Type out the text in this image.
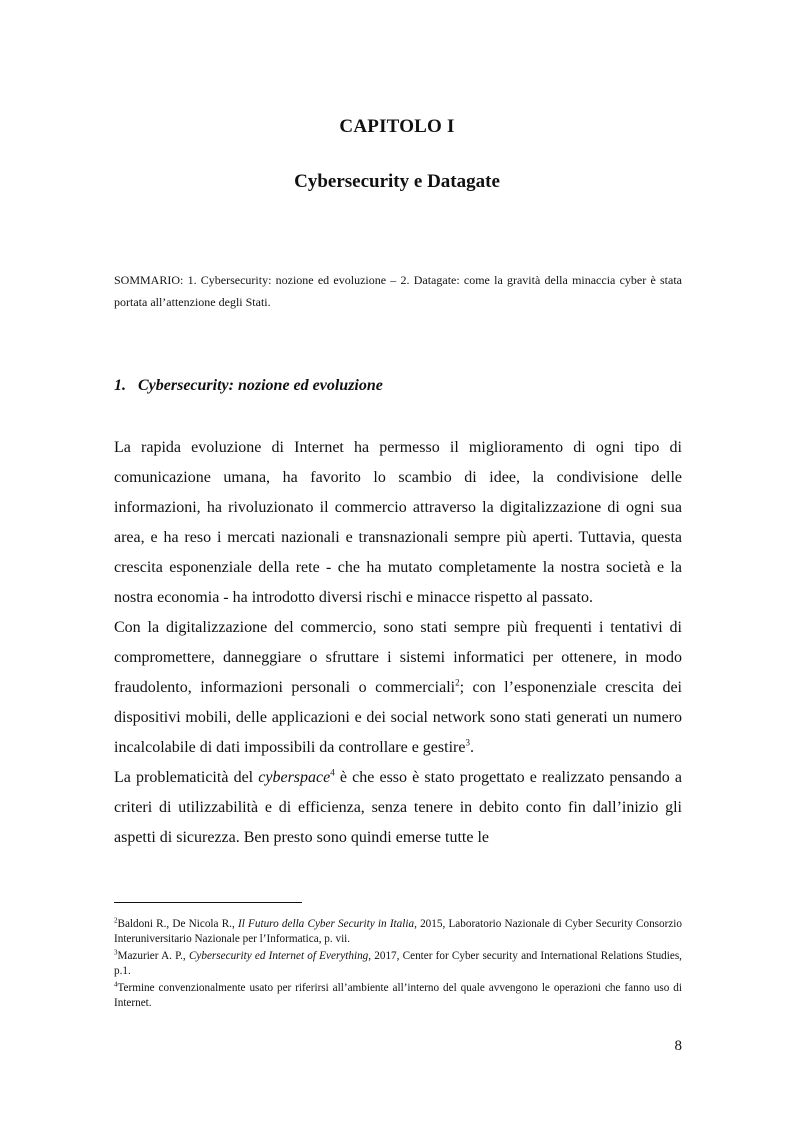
CAPITOLO I
Cybersecurity e Datagate

SOMMARIO: 1. Cybersecurity: nozione ed evoluzione – 2. Datagate: come la gravità della minaccia cyber è stata portata all’attenzione degli Stati.

1. Cybersecurity: nozione ed evoluzione

La rapida evoluzione di Internet ha permesso il miglioramento di ogni tipo di comunicazione umana, ha favorito lo scambio di idee, la condivisione delle informazioni, ha rivoluzionato il commercio attraverso la digitalizzazione di ogni sua area, e ha reso i mercati nazionali e transnazionali sempre più aperti. Tuttavia, questa crescita esponenziale della rete - che ha mutato completamente la nostra società e la nostra economia - ha introdotto diversi rischi e minacce rispetto al passato.

Con la digitalizzazione del commercio, sono stati sempre più frequenti i tentativi di compromettere, danneggiare o sfruttare i sistemi informatici per ottenere, in modo fraudolento, informazioni personali o commerciali$^2$; con l’esponenziale crescita dei dispositivi mobili, delle applicazioni e dei social network sono stati generati un numero incalcolabile di dati impossibili da controllare e gestire$^3$.

La problematicità del cyberspace$^4$ è che esso è stato progettato e realizzato pensando a criteri di utilizzabilità e di efficienza, senza tenere in debito conto fin dall’inizio gli aspetti di sicurezza. Ben presto sono quindi emerse tutte le

$^2$Baldoni R., De Nicola R., Il Futuro della Cyber Security in Italia, 2015, Laboratorio Nazionale di Cyber Security Consorzio Interuniversitario Nazionale per l’Informatica, p. vii.

$^3$Mazurier A. P., Cybersecurity ed Internet of Everything, 2017, Center for Cyber security and International Relations Studies, p.1.

$^4$Termine convenzionalmente usato per riferirsi all’ambiente all’interno del quale avvengono le operazioni che fanno uso di Internet.

8
